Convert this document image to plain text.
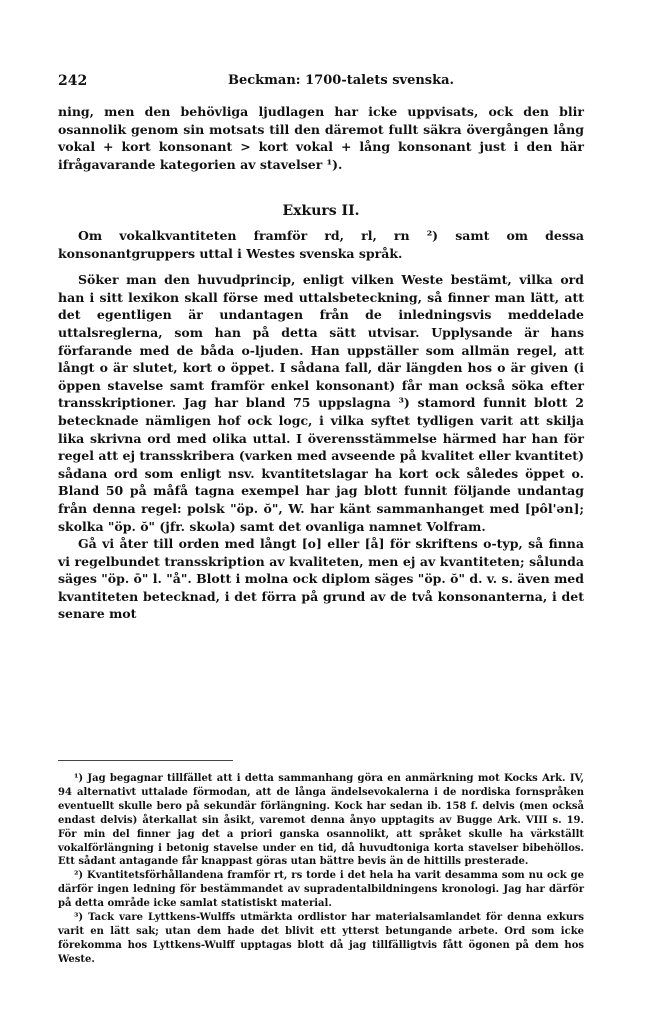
242	Beckman: 1700-talets svenska.

ning, men den behövliga ljudlagen har icke uppvisats, ock den blir osannolik genom sin motsats till den däremot fullt säkra övergången lång vokal + kort konsonant > kort vokal + lång konsonant just i den här ifrågavarande kategorien av stavelser ¹).

Exkurs II.

Om vokalkvantiteten framför rd, rl, rn ²) samt om dessa konsonantgruppers uttal i Westes svenska språk.

Söker man den huvudprincip, enligt vilken Weste bestämt, vilka ord han i sitt lexikon skall förse med uttalsbeteckning, så finner man lätt, att det egentligen är undantagen från de inledningsvis meddelade uttalsreglerna, som han på detta sätt utvisar. Upplysande är hans förfarande med de båda o-ljuden. Han uppställer som allmän regel, att långt o är slutet, kort o öppet. I sådana fall, där längden hos o är given (i öppen stavelse samt framför enkel konsonant) får man också söka efter transskriptioner. Jag har bland 75 uppslagna ³) stamord funnit blott 2 betecknade nämligen hof ock logc, i vilka syftet tydligen varit att skilja lika skrivna ord med olika uttal. I överensstämmelse härmed har han för regel att ej transskribera (varken med avseende på kvalitet eller kvantitet) sådana ord som enligt nsv. kvantitetslagar ha kort ock således öppet o. Bland 50 på måfå tagna exempel har jag blott funnit följande undantag från denna regel: polsk "öp. ŏ", W. har känt sammanhanget med [pôl'ən]; skolka "öp. ŏ" (jfr. skωla) samt det ovanliga namnet Volfram.

Gå vi åter till orden med långt [o] eller [å] för skriftens o-typ, så finna vi regelbundet transskription av kvaliteten, men ej av kvantiteten; sålunda säges "öp. ō" l. "å". Blott i molna ock diplom säges "öp. ŏ" d. v. s. även med kvantiteten betecknad, i det förra på grund av de två konsonanterna, i det senare mot

¹) Jag begagnar tillfället att i detta sammanhang göra en anmärkning mot Kocks Ark. IV, 94 alternativt uttalade förmodan, att de långa ändelsevokalerna i de nordiska fornspråken eventuellt skulle bero på sekundär förlängning. Kock har sedan ib. 158 f. delvis (men också endast delvis) återkallat sin åsikt, varemot denna ånyo upptagits av Bugge Ark. VIII s. 19. För min del finner jag det a priori ganska osannolikt, att språket skulle ha värkställt vokalförlängning i betonig stavelse under en tid, då huvudtoniga korta stavelser bibehöllos. Ett sådant antagande får knappast göras utan bättre bevis än de hittills presterade.

²) Kvantitetsförhållandena framför rt, rs torde i det hela ha varit desamma som nu ock ge därför ingen ledning för bestämmandet av supradentalbildningens kronologi. Jag har därför på detta område icke samlat statistiskt material.

³) Tack vare Lyttkens-Wulffs utmärkta ordlistor har materialsamlandet för denna exkurs varit en lätt sak; utan dem hade det blivit ett ytterst betungande arbete. Ord som icke förekomma hos Lyttkens-Wulff upptagas blott då jag tillfälligtvis fått ögonen på dem hos Weste.
